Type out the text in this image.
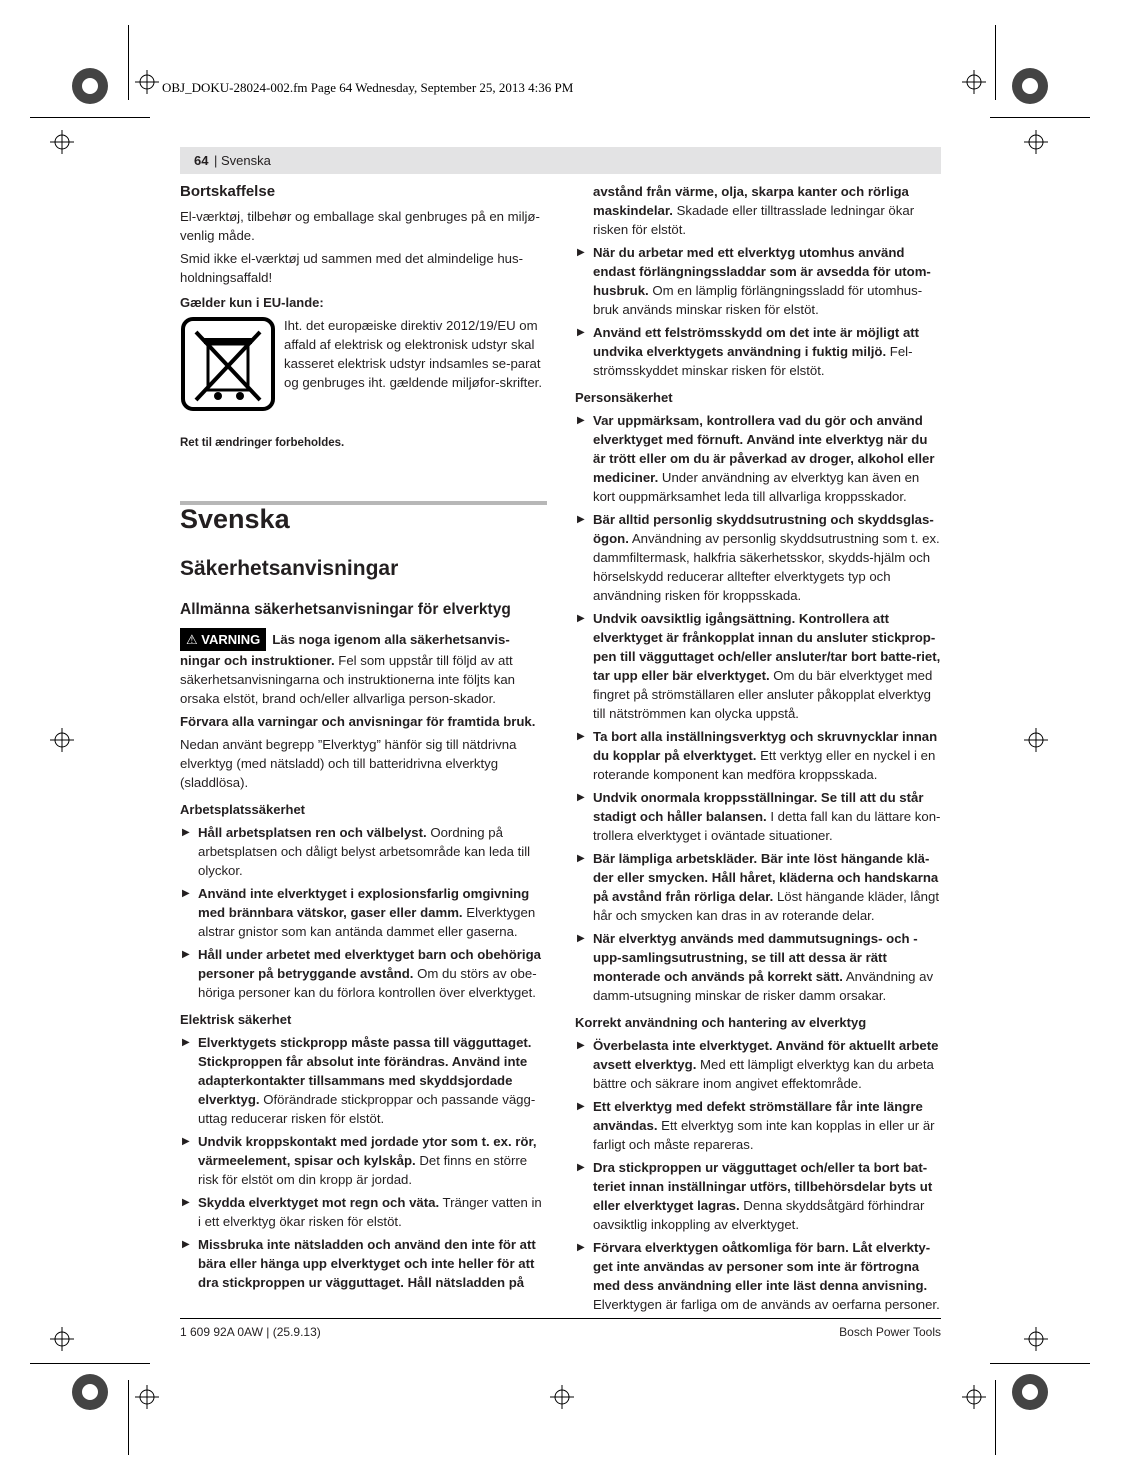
OBJ_DOKU-28024-002.fm Page 64 Wednesday, September 25, 2013 4:36 PM
64 | Svenska
Bortskaffelse

El-værktøj, tilbehør og emballage skal genbruges på en miljø-venlig måde.

Smid ikke el-værktøj ud sammen med det almindelige hus-holdningsaffald!

Gælder kun i EU-lande:
Iht. det europæiske direktiv 2012/19/EU om affald af elektrisk og elektronisk udstyr skal kasseret elektrisk udstyr indsamles se-parat og genbruges iht. gældende miljøfor-skrifter.
Ret til ændringer forbeholdes.
Svenska
Säkerhetsanvisningar
Allmänna säkerhetsanvisningar för elverktyg

⚠ VARNING Läs noga igenom alla säkerhetsanvis-ningar och instruktioner. Fel som uppstår till följd av att säkerhetsanvisningarna och instruktionerna inte följts kan orsaka elstöt, brand och/eller allvarliga person-skador.

Förvara alla varningar och anvisningar för framtida bruk.

Nedan använt begrepp ”Elverktyg” hänför sig till nätdrivna elverktyg (med nätsladd) och till batteridrivna elverktyg (sladdlösa).

Arbetsplatssäkerhet
▶ Håll arbetsplatsen ren och välbelyst. Oordning på arbetsplatsen och dåligt belyst arbetsområde kan leda till olyckor.
▶ Använd inte elverktyget i explosionsfarlig omgivning med brännbara vätskor, gaser eller damm. Elverktygen alstrar gnistor som kan antända dammet eller gaserna.
▶ Håll under arbetet med elverktyget barn och obehöriga personer på betryggande avstånd. Om du störs av obe-höriga personer kan du förlora kontrollen över elverktyget.
Elektrisk säkerhet
▶ Elverktygets stickpropp måste passa till vägguttaget. Stickproppen får absolut inte förändras. Använd inte adapterkontakter tillsammans med skyddsjordade elverktyg. Oförändrade stickproppar och passande vägg-uttag reducerar risken för elstöt.
▶ Undvik kroppskontakt med jordade ytor som t. ex. rör, värmeelement, spisar och kylskåp. Det finns en större risk för elstöt om din kropp är jordad.
▶ Skydda elverktyget mot regn och väta. Tränger vatten in i ett elverktyg ökar risken för elstöt.
▶ Missbruka inte nätsladden och använd den inte för att bära eller hänga upp elverktyget och inte heller för att dra stickproppen ur vägguttaget. Håll nätsladden på

avstånd från värme, olja, skarpa kanter och rörliga maskindelar. Skadade eller tilltrasslade ledningar ökar risken för elstöt.

▶ När du arbetar med ett elverktyg utomhus använd endast förlängningssladdar som är avsedda för utom-husbruk. Om en lämplig förlängningssladd för utomhus-bruk används minskar risken för elstöt.
▶ Använd ett felströmsskydd om det inte är möjligt att undvika elverktygets användning i fuktig miljö. Fel-strömsskyddet minskar risken för elstöt.
Personsäkerhet
▶ Var uppmärksam, kontrollera vad du gör och använd elverktyget med förnuft. Använd inte elverktyg när du är trött eller om du är påverkad av droger, alkohol eller mediciner. Under användning av elverktyg kan även en kort ouppmärksamhet leda till allvarliga kroppsskador.
▶ Bär alltid personlig skyddsutrustning och skyddsglas-ögon. Användning av personlig skyddsutrustning som t. ex. dammfiltermask, halkfria säkerhetsskor, skydds-hjälm och hörselskydd reducerar alltefter elverktygets typ och användning risken för kroppsskada.
▶ Undvik oavsiktlig igångsättning. Kontrollera att elverktyget är frånkopplat innan du ansluter stickprop-pen till vägguttaget och/eller ansluter/tar bort batte-riet, tar upp eller bär elverktyget. Om du bär elverktyget med fingret på strömställaren eller ansluter påkopplat elverktyg till nätströmmen kan olycka uppstå.
▶ Ta bort alla inställningsverktyg och skruvnycklar innan du kopplar på elverktyget. Ett verktyg eller en nyckel i en roterande komponent kan medföra kroppsskada.
▶ Undvik onormala kroppsställningar. Se till att du står stadigt och håller balansen. I detta fall kan du lättare kon-trollera elverktyget i oväntade situationer.
▶ Bär lämpliga arbetskläder. Bär inte löst hängande klä-der eller smycken. Håll håret, kläderna och handskarna på avstånd från rörliga delar. Löst hängande kläder, långt hår och smycken kan dras in av roterande delar.
▶ När elverktyg används med dammutsugnings- och -upp-samlingsutrustning, se till att dessa är rätt monterade och används på korrekt sätt. Användning av damm-utsugning minskar de risker damm orsakar.
Korrekt användning och hantering av elverktyg
▶ Överbelasta inte elverktyget. Använd för aktuellt arbete avsett elverktyg. Med ett lämpligt elverktyg kan du arbeta bättre och säkrare inom angivet effektområde.
▶ Ett elverktyg med defekt strömställare får inte längre användas. Ett elverktyg som inte kan kopplas in eller ur är farligt och måste repareras.
▶ Dra stickproppen ur vägguttaget och/eller ta bort bat-teriet innan inställningar utförs, tillbehörsdelar byts ut eller elverktyget lagras. Denna skyddsåtgärd förhindrar oavsiktlig inkoppling av elverktyget.
▶ Förvara elverktygen oåtkomliga för barn. Låt elverkty-get inte användas av personer som inte är förtrogna med dess användning eller inte läst denna anvisning. Elverktygen är farliga om de används av oerfarna personer.
1 609 92A 0AW | (25.9.13)	Bosch Power Tools
